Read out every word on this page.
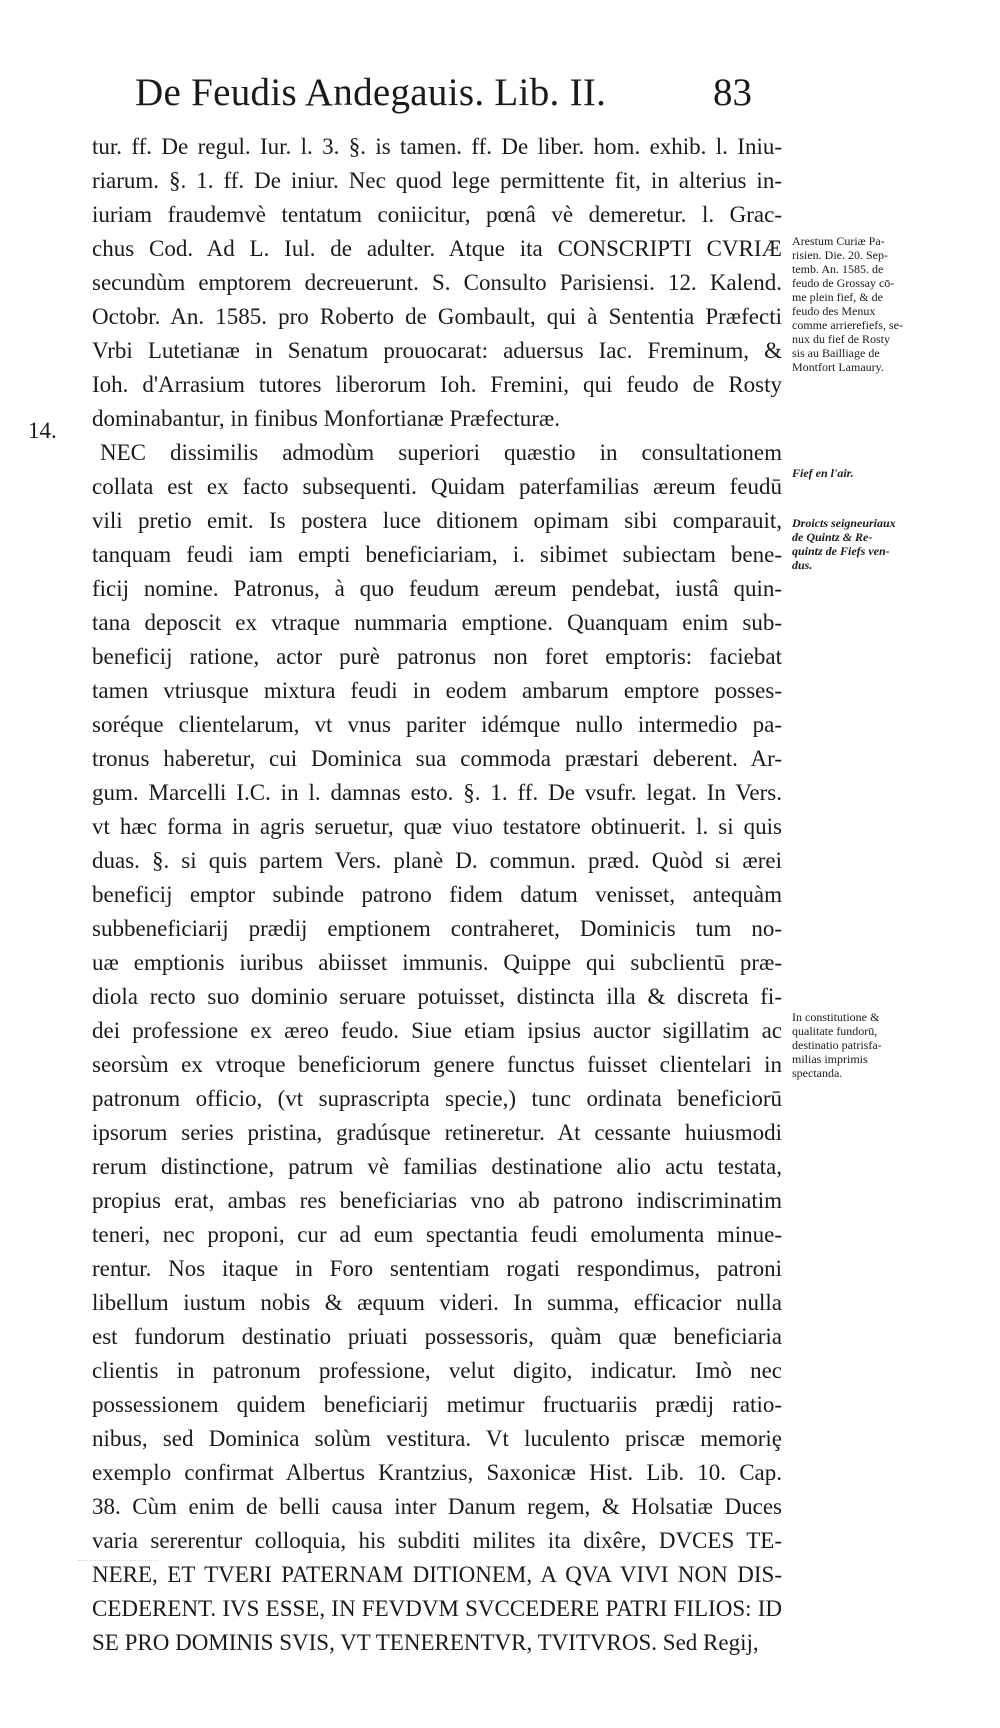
De Feudis Andegauis. Lib. II.	83
14.
tur. ff. De regul. Iur. l. 3. §. is tamen. ff. De liber. hom. exhib. l. Iniu-
riarum. §. 1. ff. De iniur. Nec quod lege permittente fit, in alterius in-
iuriam fraudemvè tentatum coniicitur, pœnâ vè demeretur. l. Grac-
chus Cod. Ad L. Iul. de adulter. Atque ita CONSCRIPTI CVRIÆ
secundùm emptorem decreuerunt. S. Consulto Parisiensi. 12. Kalend.
Octobr. An. 1585. pro Roberto de Gombault, qui à Sententia Præfecti
Vrbi Lutetianæ in Senatum prouocarat: aduersus Iac. Freminum, &
Ioh. d'Arrasium tutores liberorum Ioh. Fremini, qui feudo de Rosty
dominabantur, in finibus Monfortianæ Præfecturæ.
NEC dissimilis admodùm superiori quæstio in consultationem
collata est ex facto subsequenti. Quidam paterfamilias æreum feudū
vili pretio emit. Is postera luce ditionem opimam sibi comparauit,
tanquam feudi iam empti beneficiariam, i. sibimet subiectam bene-
ficij nomine. Patronus, à quo feudum æreum pendebat, iustâ quin-
tana deposcit ex vtraque nummaria emptione. Quanquam enim sub-
beneficij ratione, actor purè patronus non foret emptoris: faciebat
tamen vtriusque mixtura feudi in eodem ambarum emptore posses-
soréque clientelarum, vt vnus pariter idémque nullo intermedio pa-
tronus haberetur, cui Dominica sua commoda præstari deberent. Ar-
gum. Marcelli I.C. in l. damnas esto. §. 1. ff. De vsufr. legat. In Vers.
vt hæc forma in agris seruetur, quæ viuo testatore obtinuerit. l. si quis
duas. §. si quis partem Vers. planè D. commun. præd. Quòd si ærei
beneficij emptor subinde patrono fidem datum venisset, antequàm
subbeneficiarij prædij emptionem contraheret, Dominicis tum no-
uæ emptionis iuribus abiisset immunis. Quippe qui subclientū præ-
diola recto suo dominio seruare potuisset, distincta illa & discreta fi-
dei professione ex æreo feudo. Siue etiam ipsius auctor sigillatim ac
seorsùm ex vtroque beneficiorum genere functus fuisset clientelari in
patronum officio, (vt suprascripta specie,) tunc ordinata beneficiorū
ipsorum series pristina, gradúsque retineretur. At cessante huiusmodi
rerum distinctione, patrum vè familias destinatione alio actu testata,
propius erat, ambas res beneficiarias vno ab patrono indiscriminatim
teneri, nec proponi, cur ad eum spectantia feudi emolumenta minue-
rentur. Nos itaque in Foro sententiam rogati respondimus, patroni
libellum iustum nobis & æquum videri. In summa, efficacior nulla
est fundorum destinatio priuati possessoris, quàm quæ beneficiaria
clientis in patronum professione, velut digito, indicatur. Imò nec
possessionem quidem beneficiarij metimur fructuariis prædij ratio-
nibus, sed Dominica solùm vestitura. Vt luculento priscæ memoriȩ
exemplo confirmat Albertus Krantzius, Saxonicæ Hist. Lib. 10. Cap.
38. Cùm enim de belli causa inter Danum regem, & Holsatiæ Duces
varia sererentur colloquia, his subditi milites ita dixêre, DVCES TE-
NERE, ET TVERI PATERNAM DITIONEM, A QVA VIVI NON DIS-
CEDERENT. IVS ESSE, IN FEVDVM SVCCEDERE PATRI FILIOS: ID
SE PRO DOMINIS SVIS, VT TENERENTVR, TVITVROS. Sed Regij,
Arestum Curiæ Pa-
risien. Die. 20. Sep-
temb. An. 1585. de
feudo de Grossay cō-
me plein fief, & de
feudo des Menux
comme arrierefiefs, se-
nux du fief de Rosty
sis au Bailliage de
Montfort Lamaury.
Fief en l'air.
Droicts seigneuriaux
de Quintz & Re-
quintz de Fiefs ven-
dus.
In constitutione &
qualitate fundorū,
destinatio patrisfa-
milias imprimis
spectanda.
